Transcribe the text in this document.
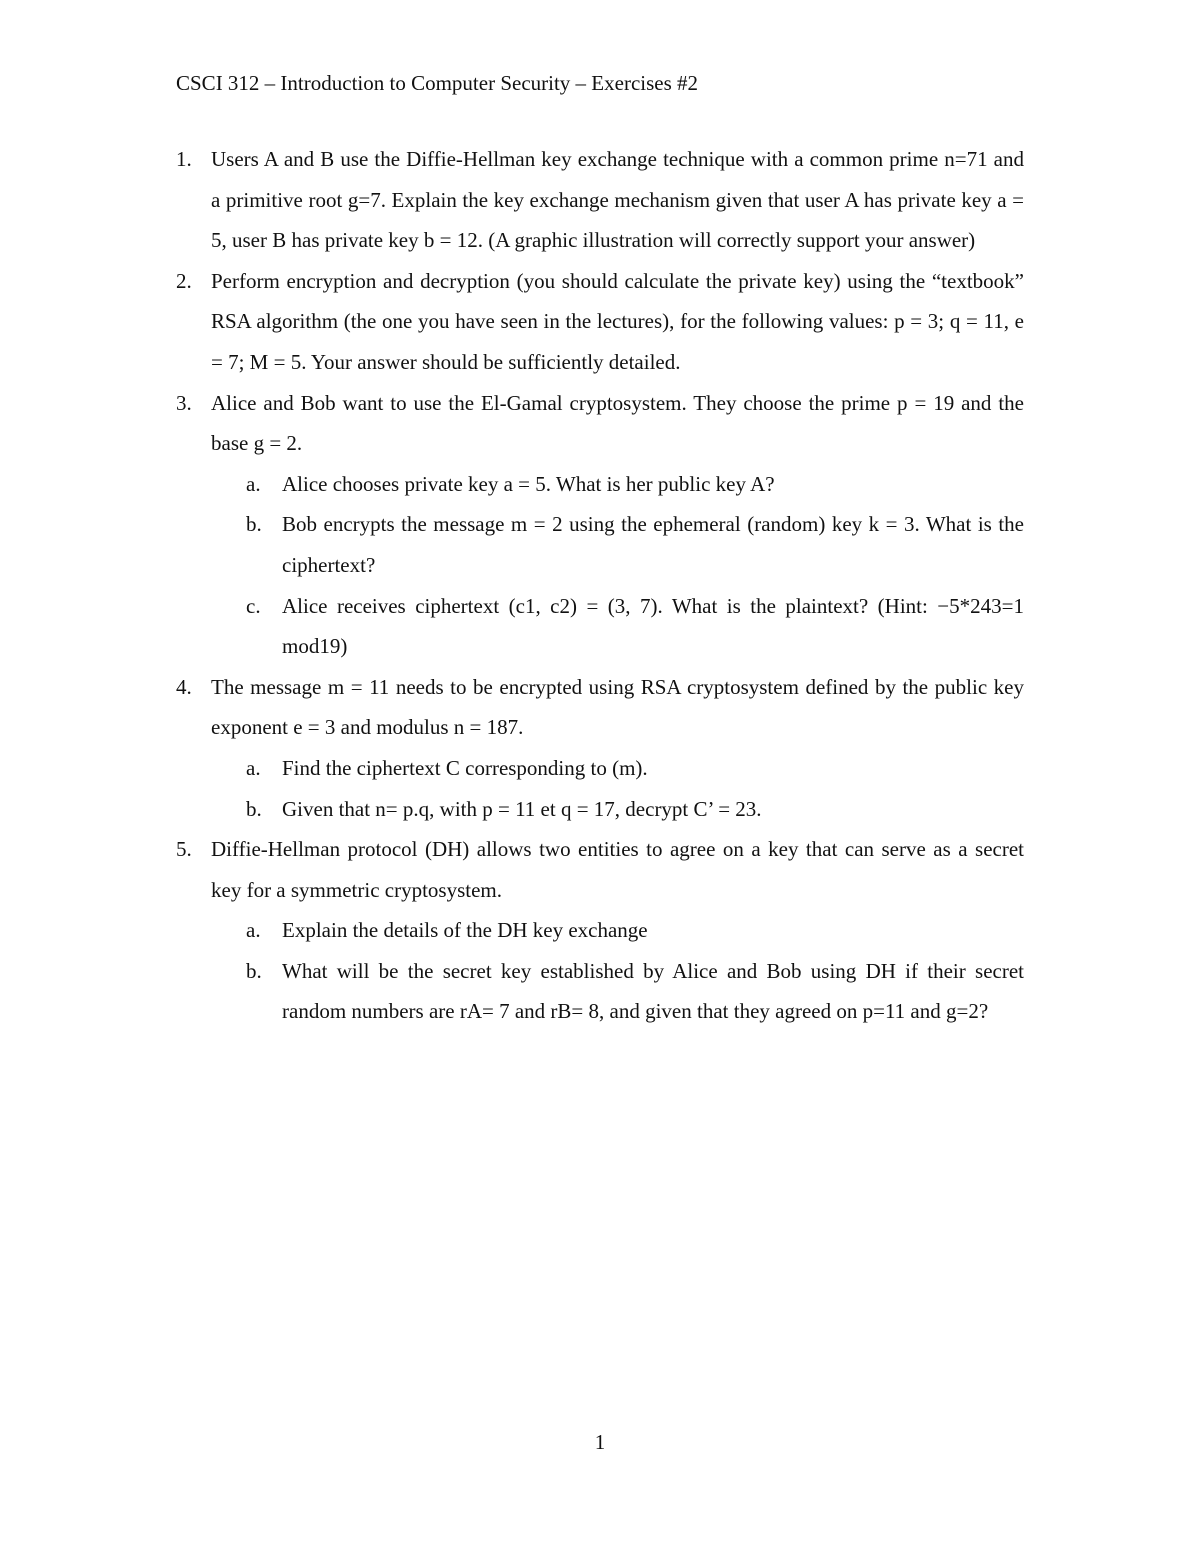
CSCI 312 – Introduction to Computer Security – Exercises #2
1. Users A and B use the Diffie-Hellman key exchange technique with a common prime n=71 and a primitive root g=7. Explain the key exchange mechanism given that user A has private key a = 5, user B has private key b = 12. (A graphic illustration will correctly support your answer)
2. Perform encryption and decryption (you should calculate the private key) using the “textbook” RSA algorithm (the one you have seen in the lectures), for the following values: p = 3; q = 11, e = 7; M = 5. Your answer should be sufficiently detailed.
3. Alice and Bob want to use the El-Gamal cryptosystem. They choose the prime p = 19 and the base g = 2.
a. Alice chooses private key a = 5. What is her public key A?
b. Bob encrypts the message m = 2 using the ephemeral (random) key k = 3. What is the ciphertext?
c. Alice receives ciphertext (c1, c2) = (3, 7). What is the plaintext? (Hint: −5*243=1 mod19)
4. The message m = 11 needs to be encrypted using RSA cryptosystem defined by the public key exponent e = 3 and modulus n = 187.
a. Find the ciphertext C corresponding to (m).
b. Given that n= p.q, with p = 11 et q = 17, decrypt C’ = 23.
5. Diffie-Hellman protocol (DH) allows two entities to agree on a key that can serve as a secret key for a symmetric cryptosystem.
a. Explain the details of the DH key exchange
b. What will be the secret key established by Alice and Bob using DH if their secret random numbers are rA= 7 and rB= 8, and given that they agreed on p=11 and g=2?

1
